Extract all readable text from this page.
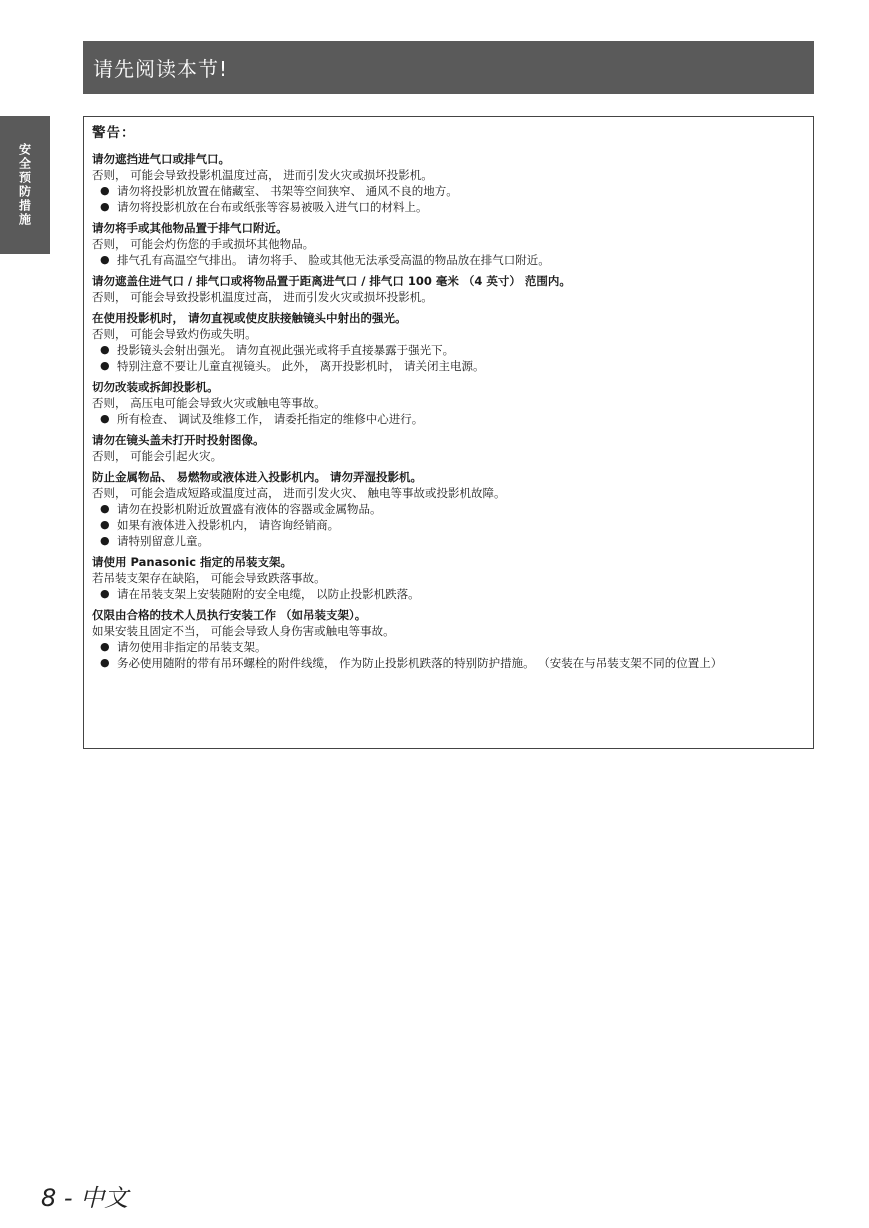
请先阅读本节!
安全预防措施
警告：
请勿遮挡进气口或排气口。
否则， 可能会导致投影机温度过高， 进而引发火灾或损坏投影机。
● 请勿将投影机放置在储藏室、 书架等空间狭窄、 通风不良的地方。
● 请勿将投影机放在台布或纸张等容易被吸入进气口的材料上。
请勿将手或其他物品置于排气口附近。
否则， 可能会灼伤您的手或损坏其他物品。
● 排气孔有高温空气排出。 请勿将手、 脸或其他无法承受高温的物品放在排气口附近。
请勿遮盖住进气口 / 排气口或将物品置于距离进气口 / 排气口 100 毫米 （4 英寸） 范围内。
否则， 可能会导致投影机温度过高， 进而引发火灾或损坏投影机。
在使用投影机时， 请勿直视或使皮肤接触镜头中射出的强光。
否则， 可能会导致灼伤或失明。
● 投影镜头会射出强光。 请勿直视此强光或将手直接暴露于强光下。
● 特别注意不要让儿童直视镜头。 此外， 离开投影机时， 请关闭主电源。
切勿改装或拆卸投影机。
否则， 高压电可能会导致火灾或触电等事故。
● 所有检查、 调试及维修工作， 请委托指定的维修中心进行。
请勿在镜头盖未打开时投射图像。
否则， 可能会引起火灾。
防止金属物品、 易燃物或液体进入投影机内。 请勿弄湿投影机。
否则， 可能会造成短路或温度过高， 进而引发火灾、 触电等事故或投影机故障。
● 请勿在投影机附近放置盛有液体的容器或金属物品。
● 如果有液体进入投影机内， 请咨询经销商。
● 请特别留意儿童。
请使用 Panasonic 指定的吊装支架。
若吊装支架存在缺陷， 可能会导致跌落事故。
● 请在吊装支架上安装随附的安全电缆， 以防止投影机跌落。
仅限由合格的技术人员执行安装工作 （如吊装支架）。
如果安装且固定不当， 可能会导致人身伤害或触电等事故。
● 请勿使用非指定的吊装支架。
● 务必使用随附的带有吊环螺栓的附件线缆， 作为防止投影机跌落的特别防护措施。 （安装在与吊装支架不同的位置上）
8 - 中文
